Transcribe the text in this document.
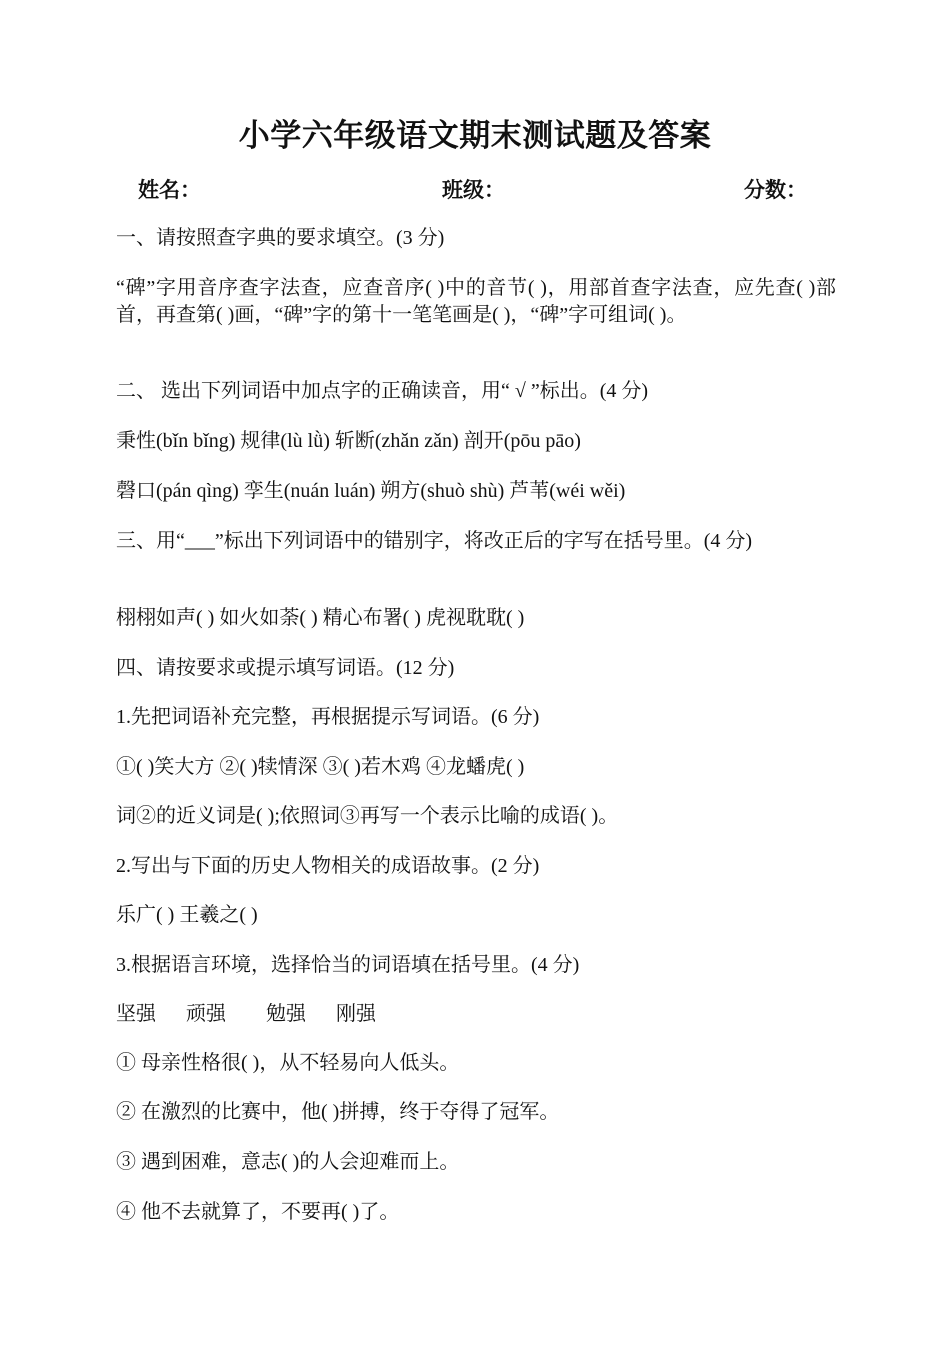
小学六年级语文期末测试题及答案
姓名：	班级：	分数：
一、请按照查字典的要求填空。(3 分)
“碑”字用音序查字法查，应查音序( )中的音节( )，用部首查字法查，应先查( )部首，再查第( )画，“碑”字的第十一笔笔画是( )，“碑”字可组词( )。
二、 选出下列词语中加点字的正确读音，用“ √ ”标出。(4 分)
秉性(bǐn bǐng) 规律(lù lǜ) 斩断(zhǎn zǎn) 剖开(pōu pāo)
磬口(pán qìng) 孪生(nuán luán) 朔方(shuò shù) 芦苇(wéi wěi)
三、用“___”标出下列词语中的错别字，将改正后的字写在括号里。(4 分)
栩栩如声( ) 如火如荼( ) 精心布署( ) 虎视耽耽( )
四、请按要求或提示填写词语。(12 分)
1.先把词语补充完整，再根据提示写词语。(6 分)
①( )笑大方 ②( )犊情深 ③( )若木鸡 ④龙蟠虎( )
词②的近义词是( );依照词③再写一个表示比喻的成语( )。
2.写出与下面的历史人物相关的成语故事。(2 分)
乐广( ) 王羲之( )
3.根据语言环境，选择恰当的词语填在括号里。(4 分)
坚强      顽强        勉强      刚强
① 母亲性格很( )，从不轻易向人低头。
② 在激烈的比赛中，他( )拼搏，终于夺得了冠军。
③ 遇到困难，意志( )的人会迎难而上。
④ 他不去就算了，不要再( )了。
